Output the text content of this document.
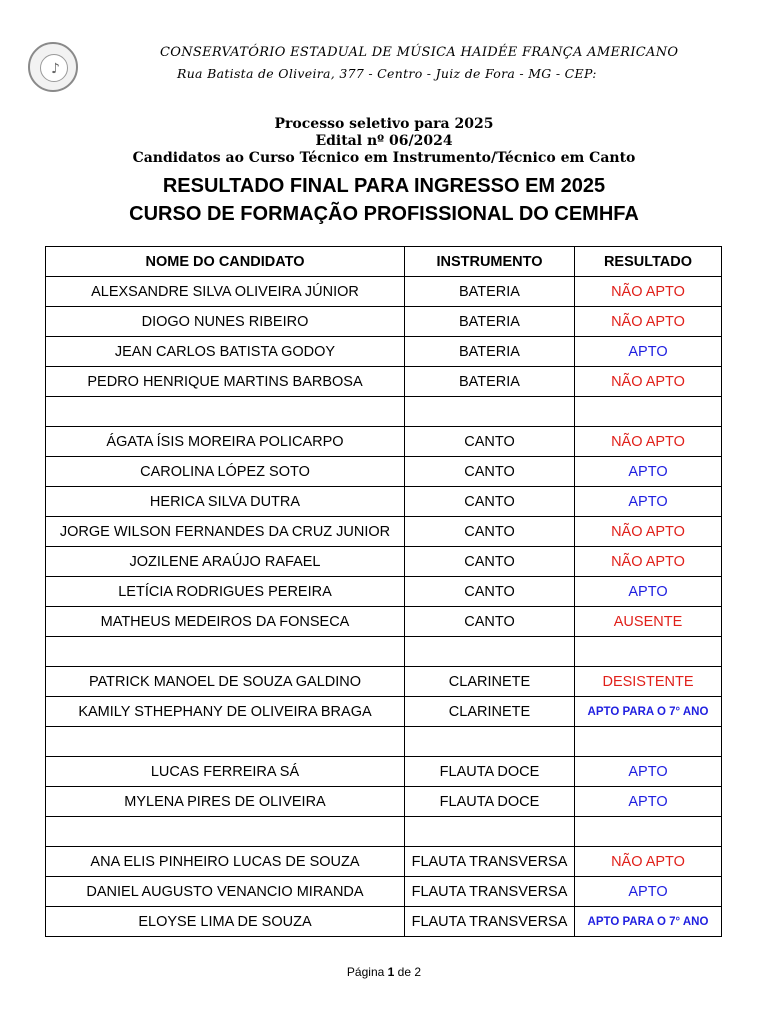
♪
CONSERVATÓRIO ESTADUAL DE MÚSICA HAIDÉE FRANÇA AMERICANO
Rua Batista de Oliveira, 377 - Centro - Juiz de Fora - MG - CEP:
Processo seletivo para 2025
Edital nº 06/2024
Candidatos ao Curso Técnico em Instrumento/Técnico em Canto
RESULTADO FINAL PARA INGRESSO EM 2025
CURSO DE FORMAÇÃO PROFISSIONAL DO CEMHFA
NOME DO CANDIDATO	INSTRUMENTO	RESULTADO
ALEXSANDRE SILVA OLIVEIRA JÚNIOR	BATERIA	NÃO APTO
DIOGO NUNES RIBEIRO	BATERIA	NÃO APTO
JEAN CARLOS BATISTA GODOY	BATERIA	APTO
PEDRO HENRIQUE MARTINS BARBOSA	BATERIA	NÃO APTO

ÁGATA ÍSIS MOREIRA POLICARPO	CANTO	NÃO APTO
CAROLINA LÓPEZ SOTO	CANTO	APTO
HERICA SILVA DUTRA	CANTO	APTO
JORGE WILSON FERNANDES DA CRUZ JUNIOR	CANTO	NÃO APTO
JOZILENE ARAÚJO RAFAEL	CANTO	NÃO APTO
LETÍCIA RODRIGUES PEREIRA	CANTO	APTO
MATHEUS MEDEIROS DA FONSECA	CANTO	AUSENTE

PATRICK MANOEL DE SOUZA GALDINO	CLARINETE	DESISTENTE
KAMILY STHEPHANY DE OLIVEIRA BRAGA	CLARINETE	APTO PARA O 7° ANO

LUCAS FERREIRA SÁ	FLAUTA DOCE	APTO
MYLENA PIRES DE OLIVEIRA	FLAUTA DOCE	APTO

ANA ELIS PINHEIRO LUCAS DE SOUZA	FLAUTA TRANSVERSA	NÃO APTO
DANIEL AUGUSTO VENANCIO MIRANDA	FLAUTA TRANSVERSA	APTO
ELOYSE LIMA DE SOUZA	FLAUTA TRANSVERSA	APTO PARA O 7° ANO
Página 1 de 2
